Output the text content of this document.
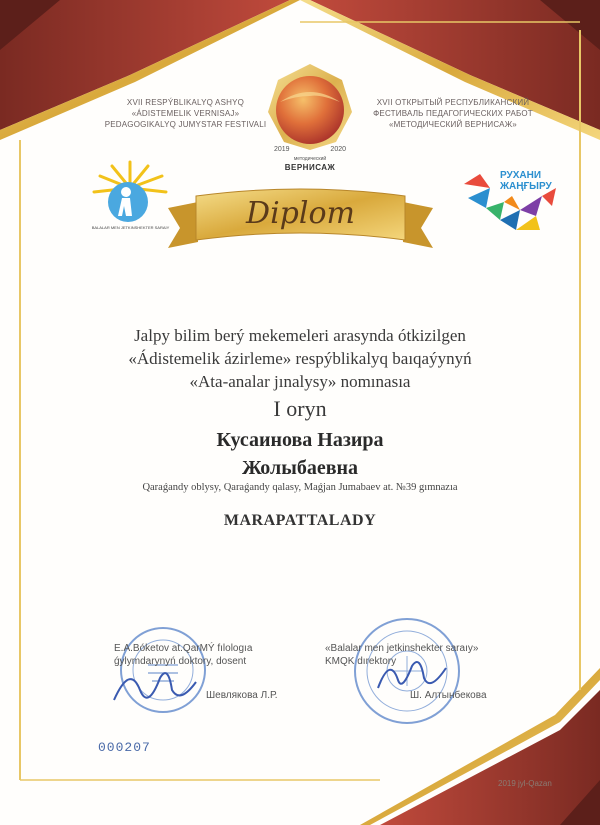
XVII RESPÝBLIKALYQ ASHYQ
«ÁDISTEMELIK VERNISAJ»
PEDAGOGIKALYQ JUMYSTAR FESTIVALI
XVII ОТКРЫТЫЙ РЕСПУБЛИКАНСКИЙ
ФЕСТИВАЛЬ ПЕДАГОГИЧЕСКИХ РАБОТ
«МЕТОДИЧЕСКИЙ ВЕРНИСАЖ»
2019	2020
методический
ВЕРНИСАЖ
BALALAR MEN JETKINSHEKTER SARAIY
РУХАНИ
ЖАҢҒЫРУ
Diplom
Jalpy bilim berý mekemeleri arasynda ótkizilgen
«Ádistemelik ázirleme» respýblikalyq baıqaýynyń
«Ata-analar jınalysy» nomınasıa
I oryn
Кусаинова Назира
Жолыбаевна
Qaraǵandy oblysy, Qaraǵandy qalasy, Maǵjan Jumabaev at. №39 gımnazıa
MARAPATTALADY
E.A.Bóketov at.QarMÝ fılologıa
ǵylymdarynyń doktory, dosent
Шевлякова Л.Р.
«Balalar men jetkinshekter saraıy»
KMQK dırektory
Ш. Алтынбекова
000207
2019 jyl-Qazan
